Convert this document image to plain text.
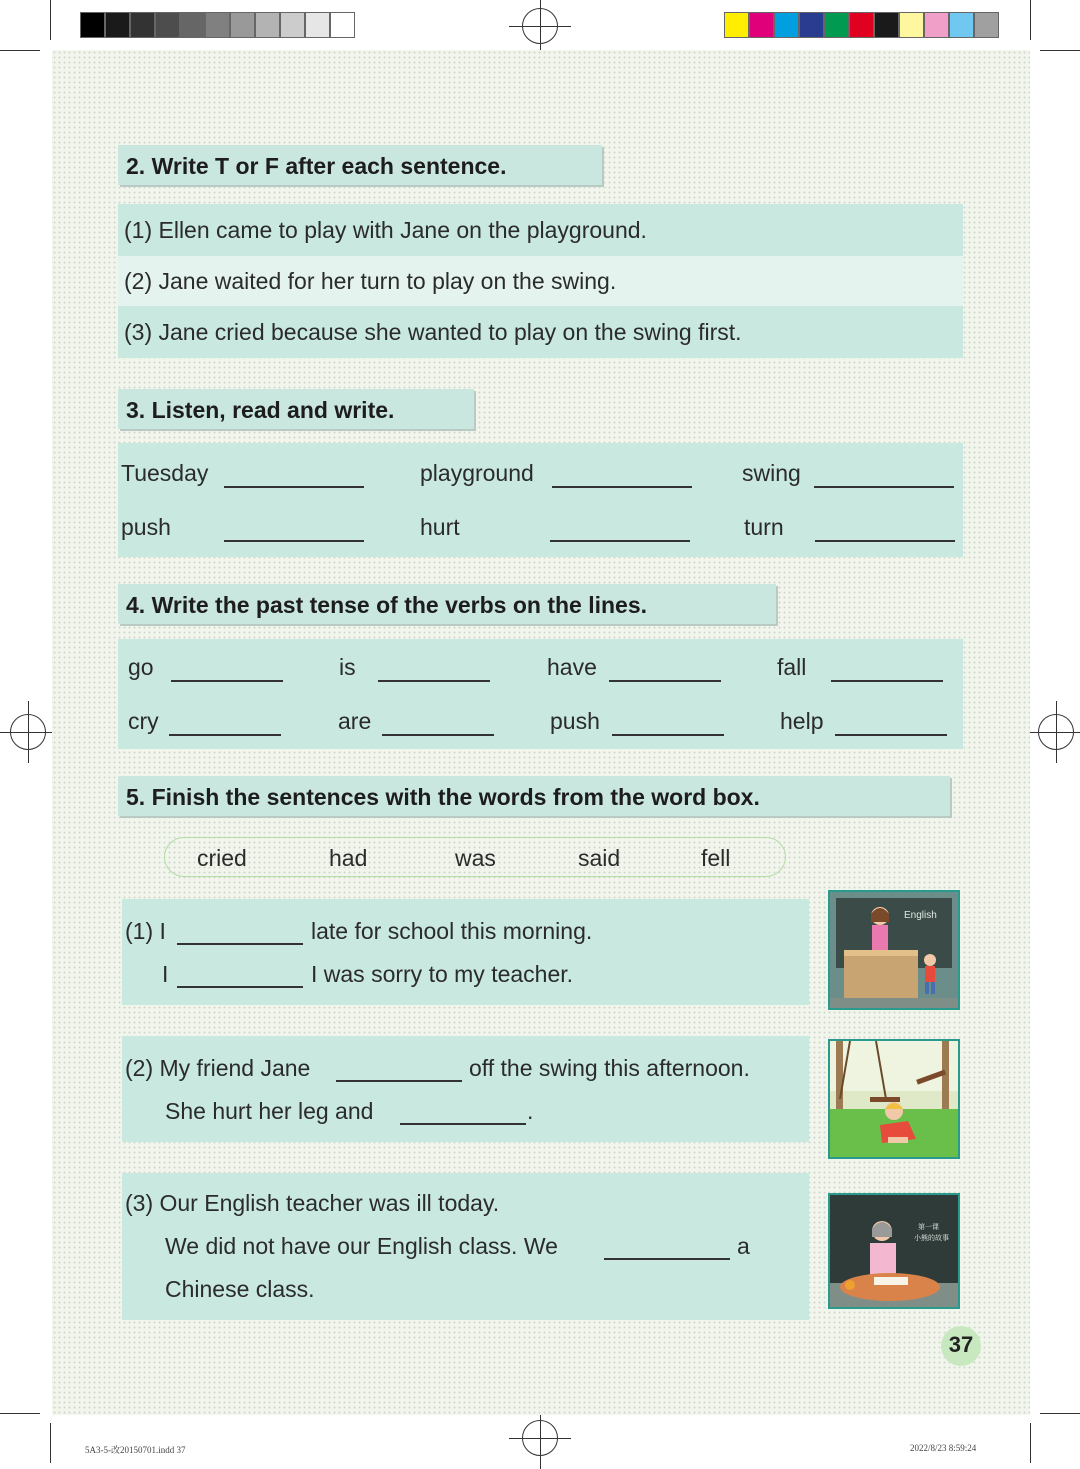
2. Write T or F after each sentence.
(1) Ellen came to play with Jane on the playground.
(2) Jane waited for her turn to play on the swing.
(3) Jane cried because she wanted to play on the swing first.
3. Listen, read and write.
Tuesday	playground	swing
push	hurt	turn
4. Write the past tense of the verbs on the lines.
go	is	have	fall
cry	are	push	help
5. Finish the sentences with the words from the word box.
cried	had	was	said	fell
(1) I	late for school this morning.
I	I was sorry to my teacher.
English
(2) My friend Jane	off the swing this afternoon.
She hurt her leg and	.
(3) Our English teacher was ill today.
We did not have our English class. We	a
Chinese class.
第一课
小熊的故事
37
5A3-5-改20150701.indd 37	2022/8/23 8:59:24
